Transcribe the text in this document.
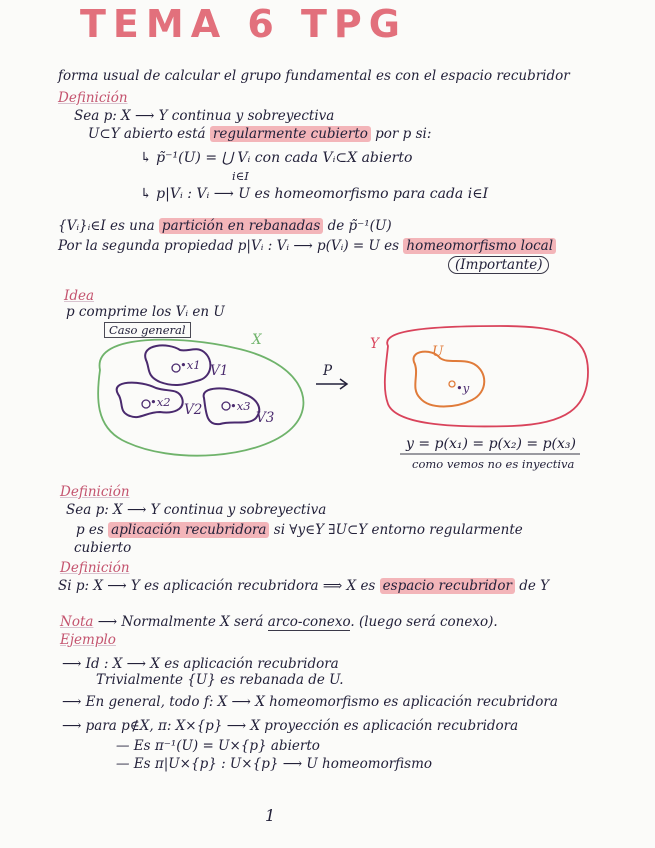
TEMA 6 TPG
forma usual de calcular el grupo fundamental es con el espacio recubridor
Definición
Sea p: X ⟶ Y continua y sobreyectiva
U⊂Y abierto está regularmente cubierto por p si:
↳ p̃⁻¹(U) = ⋃ Vᵢ con cada Vᵢ⊂X abierto
i∈I
↳ p|Vᵢ : Vᵢ ⟶ U es homeomorfismo para cada i∈I
{Vᵢ}ᵢ∈I es una partición en rebanadas de p̃⁻¹(U)
Por la segunda propiedad p|Vᵢ : Vᵢ ⟶ p(Vᵢ) = U es homeomorfismo local
(Importante)
Idea
p comprime los Vᵢ en U
Caso general
X
•x1 V1
•x2 V2 •x3
V3
P
Y	U
•y
y = p(x₁) = p(x₂) = p(x₃)
como vemos no es inyectiva
Definición
Sea p: X ⟶ Y continua y sobreyectiva
p es aplicación recubridora si ∀y∈Y ∃U⊂Y entorno regularmente
cubierto
Definición
Si p: X ⟶ Y es aplicación recubridora ⟹ X es espacio recubridor de Y
Nota ⟶ Normalmente X será arco-conexo. (luego será conexo).
Ejemplo
⟶ Id : X ⟶ X es aplicación recubridora
Trivialmente {U} es rebanada de U.
⟶ En general, todo f: X ⟶ X homeomorfismo es aplicación recubridora
⟶ para p∉X, π: X×{p} ⟶ X proyección es aplicación recubridora
— Es π⁻¹(U) = U×{p} abierto
— Es π|U×{p} : U×{p} ⟶ U homeomorfismo
1
